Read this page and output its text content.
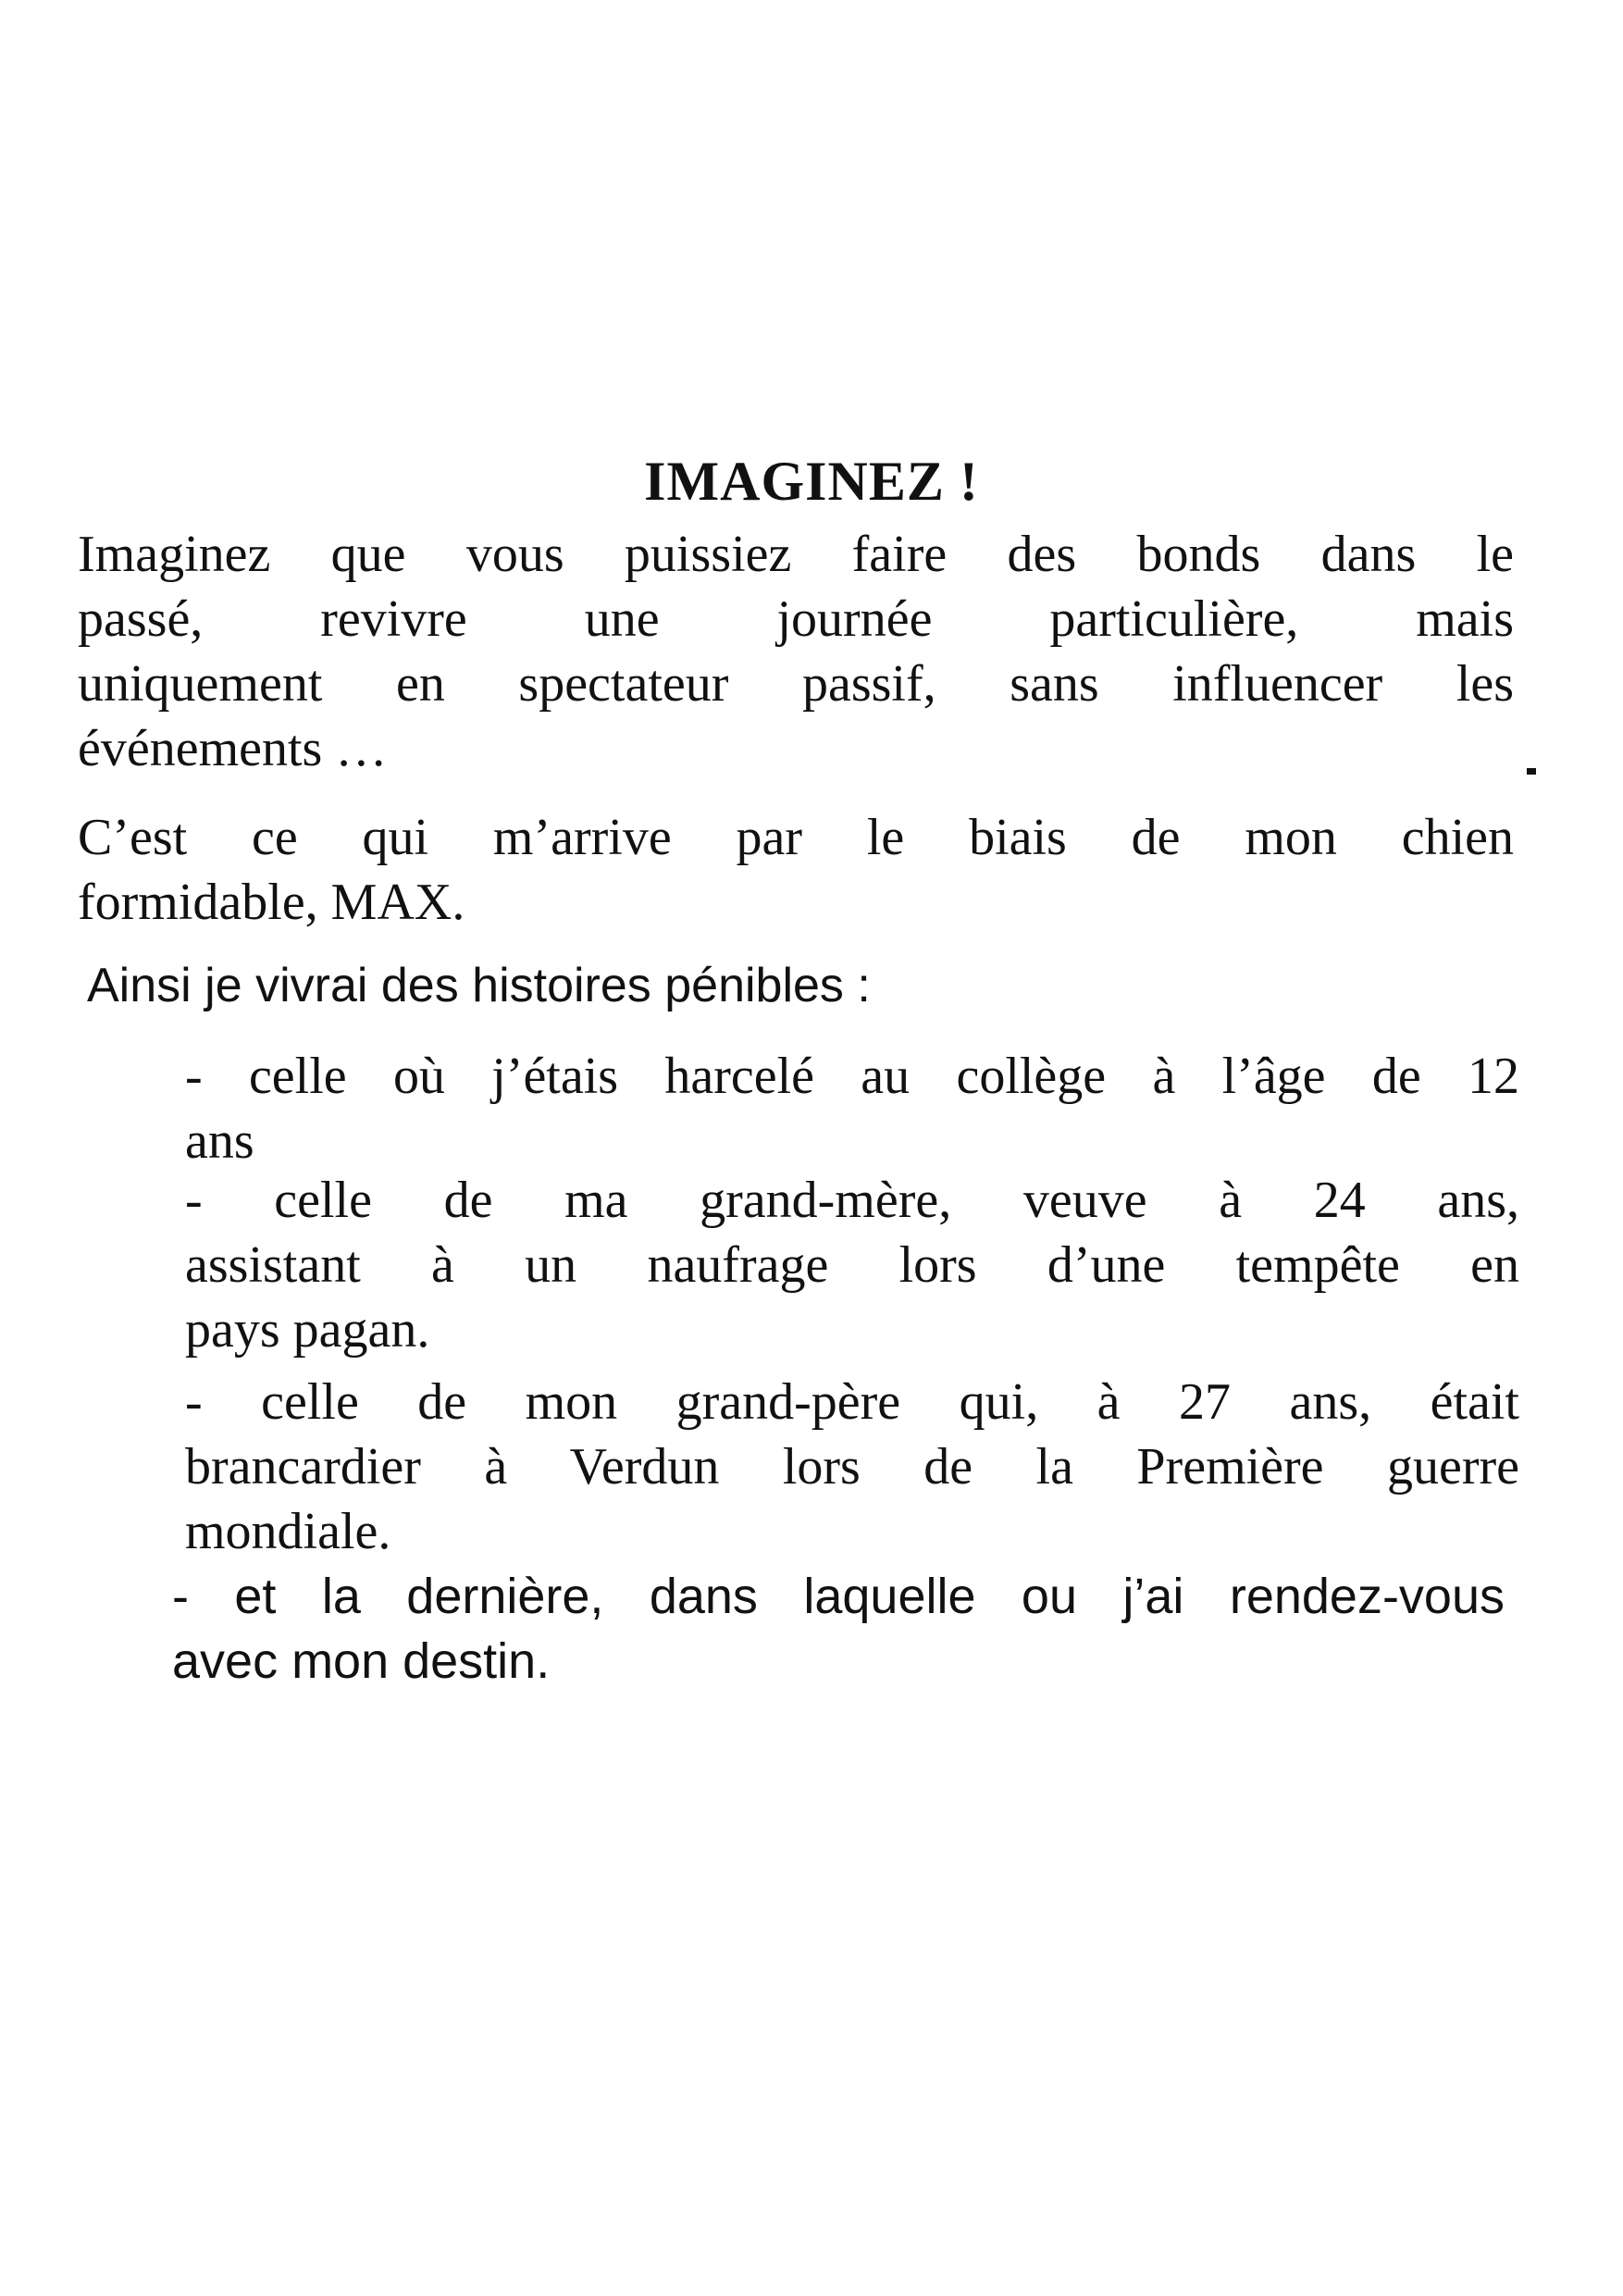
IMAGINEZ !

Imaginez que vous puissiez faire des bonds dans le
passé, revivre une journée particulière, mais
uniquement en spectateur passif, sans influencer les
événements …

C’est ce qui m’arrive par le biais de mon chien
formidable, MAX.

Ainsi je vivrai des histoires pénibles :

- celle où j’étais harcelé au collège à l’âge de 12
ans
- celle de ma grand-mère, veuve à 24 ans,
assistant à un naufrage lors d’une tempête en
pays pagan.
- celle de mon grand-père qui, à 27 ans, était
brancardier à Verdun lors de la Première guerre
mondiale.
- et la dernière, dans laquelle ou j’ai rendez-vous
avec mon destin.
